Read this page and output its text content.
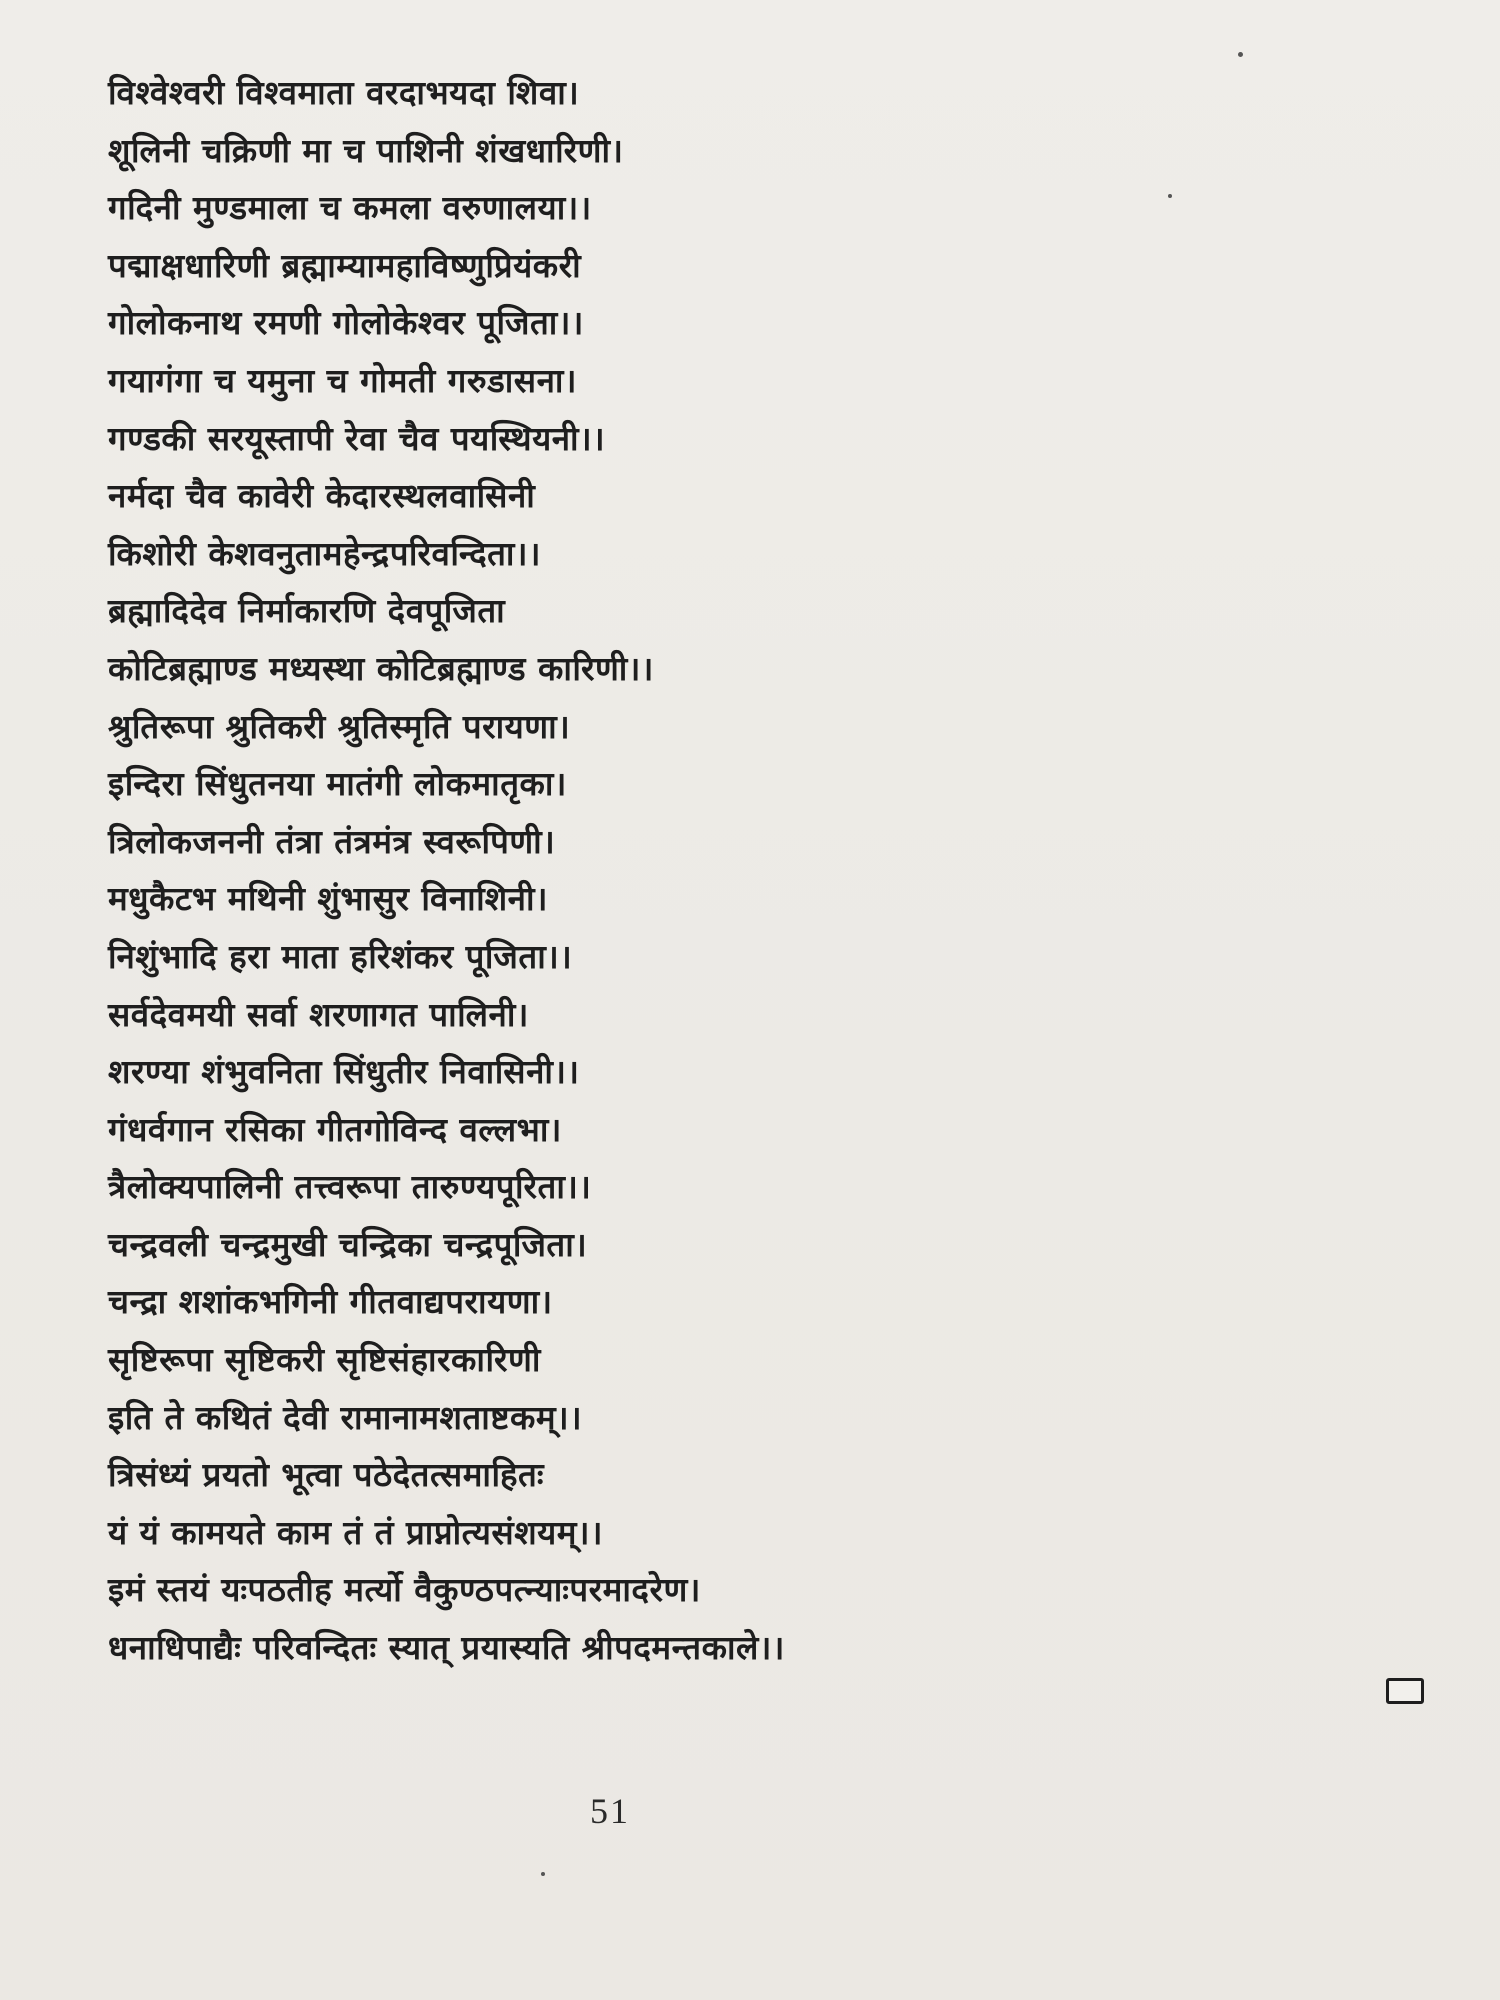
विश्वेश्वरी विश्वमाता वरदाभयदा शिवा।
शूलिनी चक्रिणी मा च पाशिनी शंखधारिणी।
गदिनी मुण्डमाला च कमला वरुणालया।।
पद्माक्षधारिणी ब्रह्माम्यामहाविष्णुप्रियंकरी
गोलोकनाथ रमणी गोलोकेश्वर पूजिता।।
गयागंगा च यमुना च गोमती गरुडासना।
गण्डकी सरयूस्तापी रेवा चैव पयस्थियनी।।
नर्मदा चैव कावेरी केदारस्थलवासिनी
किशोरी केशवनुतामहेन्द्रपरिवन्दिता।।
ब्रह्मादिदेव निर्माकारणि देवपूजिता
कोटिब्रह्माण्ड मध्यस्था कोटिब्रह्माण्ड कारिणी।।
श्रुतिरूपा श्रुतिकरी श्रुतिस्मृति परायणा।
इन्दिरा सिंधुतनया मातंगी लोकमातृका।
त्रिलोकजननी तंत्रा तंत्रमंत्र स्वरूपिणी।
मधुकैटभ मथिनी शुंभासुर विनाशिनी।
निशुंभादि हरा माता हरिशंकर पूजिता।।
सर्वदेवमयी सर्वा शरणागत पालिनी।
शरण्या शंभुवनिता सिंधुतीर निवासिनी।।
गंधर्वगान रसिका गीतगोविन्द वल्लभा।
त्रैलोक्यपालिनी तत्त्वरूपा तारुण्यपूरिता।।
चन्द्रवली चन्द्रमुखी चन्द्रिका चन्द्रपूजिता।
चन्द्रा शशांकभगिनी गीतवाद्यपरायणा।
सृष्टिरूपा सृष्टिकरी सृष्टिसंहारकारिणी
इति ते कथितं देवी रामानामशताष्टकम्।।
त्रिसंध्यं प्रयतो भूत्वा पठेदेतत्समाहितः
यं यं कामयते काम तं तं प्राप्नोत्यसंशयम्।।
इमं स्तयं यःपठतीह मर्त्यो वैकुण्ठपत्न्याःपरमादरेण।
धनाधिपाद्यैः परिवन्दितः स्यात् प्रयास्यति श्रीपदमन्तकाले।।
51
